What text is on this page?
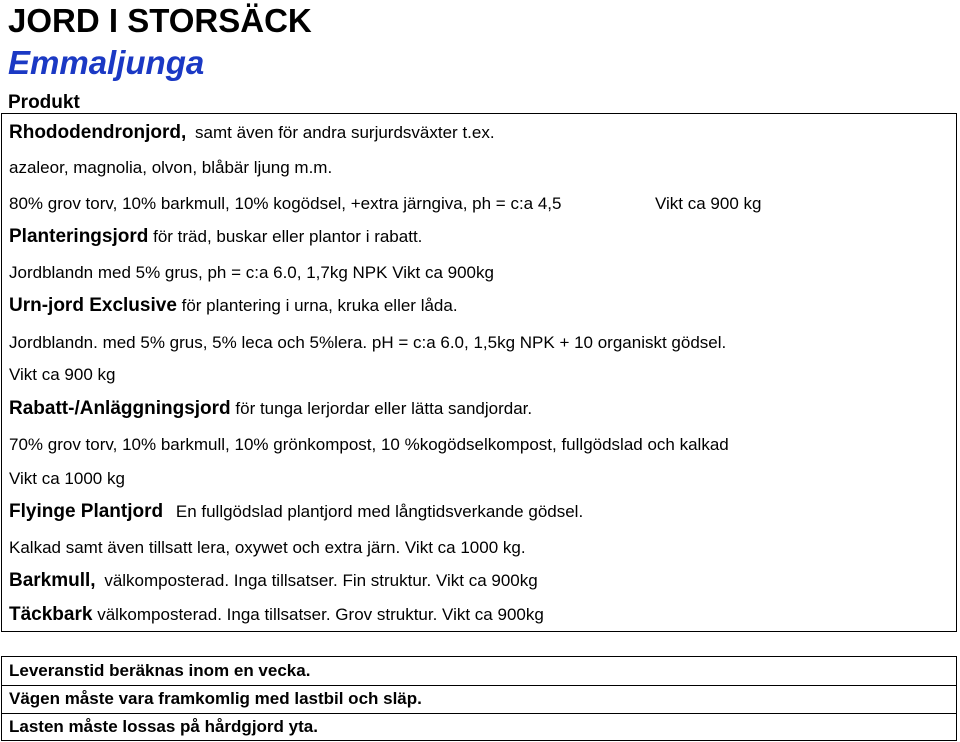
JORD I STORSÄCK
Emmaljunga
Produkt
Rhododendronjord, samt även för andra surjurdsväxter t.ex.
azaleor, magnolia, olvon, blåbär ljung m.m.
80% grov torv, 10% barkmull, 10% kogödsel, +extra järngiva, ph = c:a 4,5	Vikt ca 900 kg
Planteringsjord för träd, buskar eller plantor i rabatt.
Jordblandn med 5% grus, ph = c:a 6.0, 1,7kg NPK Vikt ca 900kg
Urn-jord Exclusive för plantering i urna, kruka eller låda.
Jordblandn. med 5% grus, 5% leca och 5%lera. pH = c:a 6.0, 1,5kg NPK + 10 organiskt gödsel.
Vikt ca 900 kg
Rabatt-/Anläggningsjord för tunga lerjordar eller lätta sandjordar.
70% grov torv, 10% barkmull, 10% grönkompost, 10 %kogödselkompost, fullgödslad och kalkad
Vikt ca 1000 kg
Flyinge Plantjord En fullgödslad plantjord med långtidsverkande gödsel.
Kalkad samt även tillsatt lera, oxywet och extra järn. Vikt ca 1000 kg.
Barkmull, välkomposterad. Inga tillsatser. Fin struktur. Vikt ca 900kg
Täckbark välkomposterad. Inga tillsatser. Grov struktur. Vikt ca 900kg
Leveranstid beräknas inom en vecka.
Vägen måste vara framkomlig med lastbil och släp.
Lasten måste lossas på hårdgjord yta.
